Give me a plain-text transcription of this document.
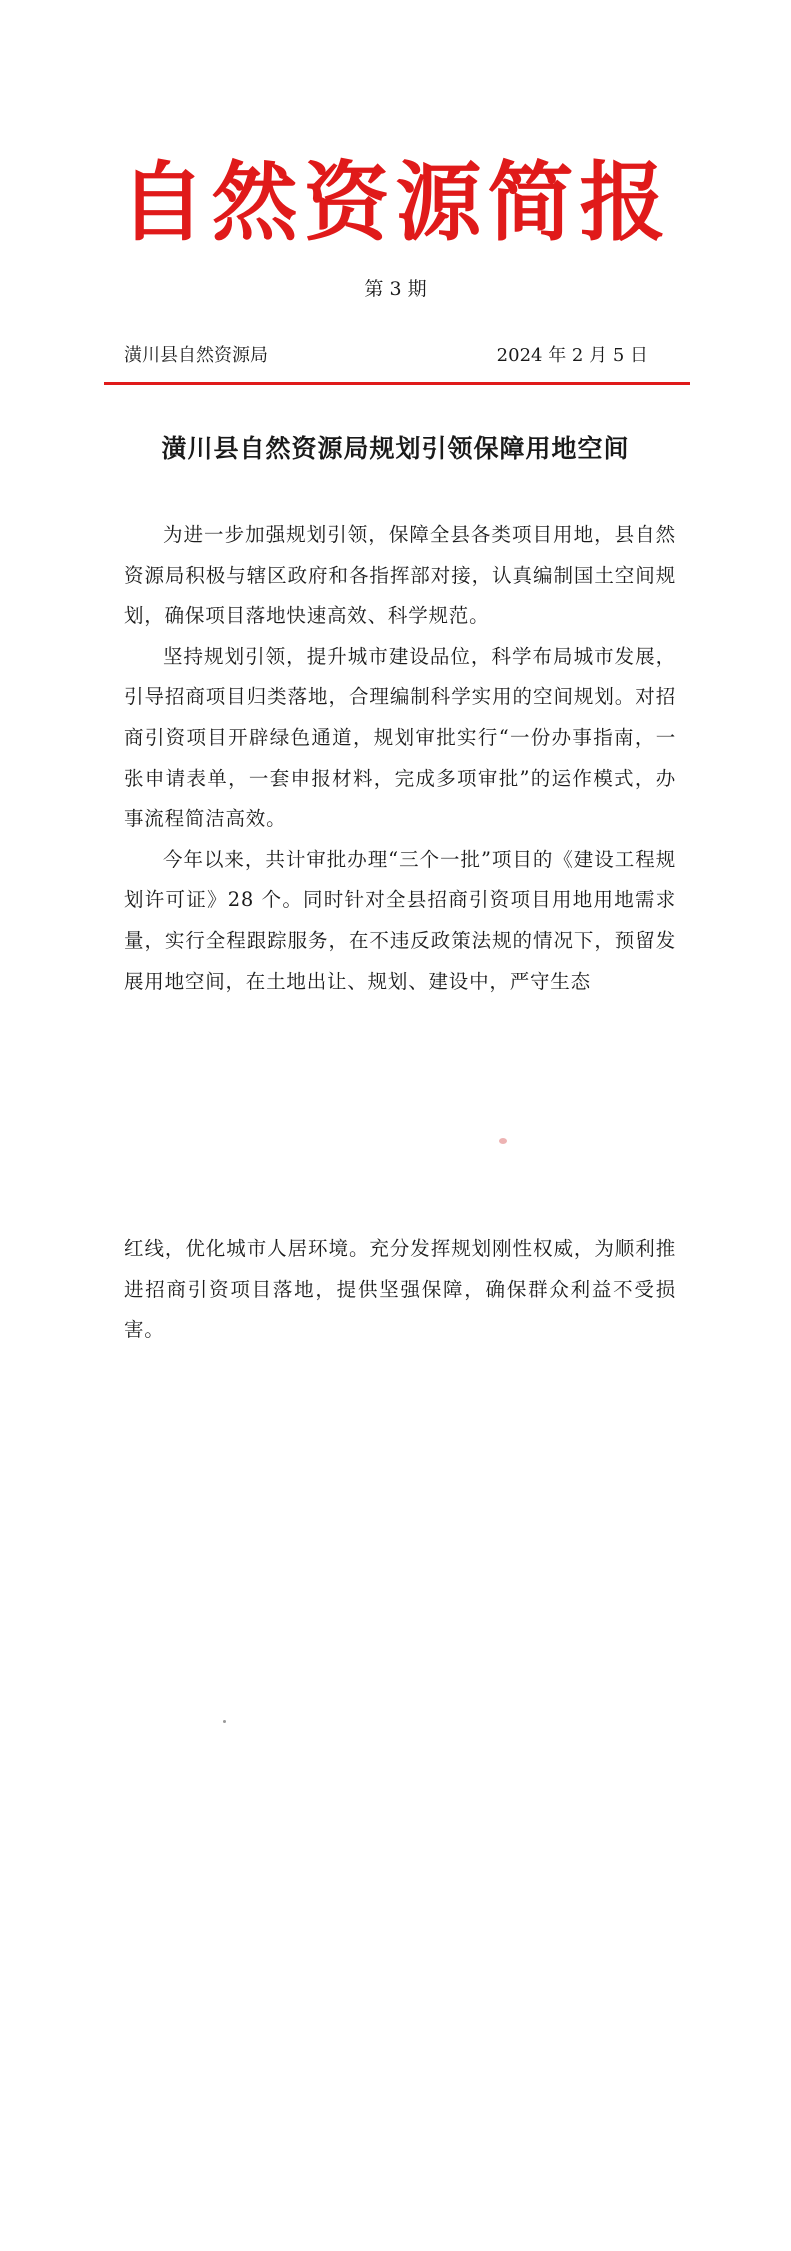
自然资源简报
第 3 期
潢川县自然资源局	2024 年 2 月 5 日
潢川县自然资源局规划引领保障用地空间

为进一步加强规划引领，保障全县各类项目用地，县自然资源局积极与辖区政府和各指挥部对接，认真编制国土空间规划，确保项目落地快速高效、科学规范。

坚持规划引领，提升城市建设品位，科学布局城市发展，引导招商项目归类落地，合理编制科学实用的空间规划。对招商引资项目开辟绿色通道，规划审批实行“一份办事指南，一张申请表单，一套申报材料，完成多项审批”的运作模式，办事流程简洁高效。

今年以来，共计审批办理“三个一批”项目的《建设工程规划许可证》28 个。同时针对全县招商引资项目用地用地需求量，实行全程跟踪服务，在不违反政策法规的情况下，预留发展用地空间，在土地出让、规划、建设中，严守生态

红线，优化城市人居环境。充分发挥规划刚性权威，为顺利推进招商引资项目落地，提供坚强保障，确保群众利益不受损害。
